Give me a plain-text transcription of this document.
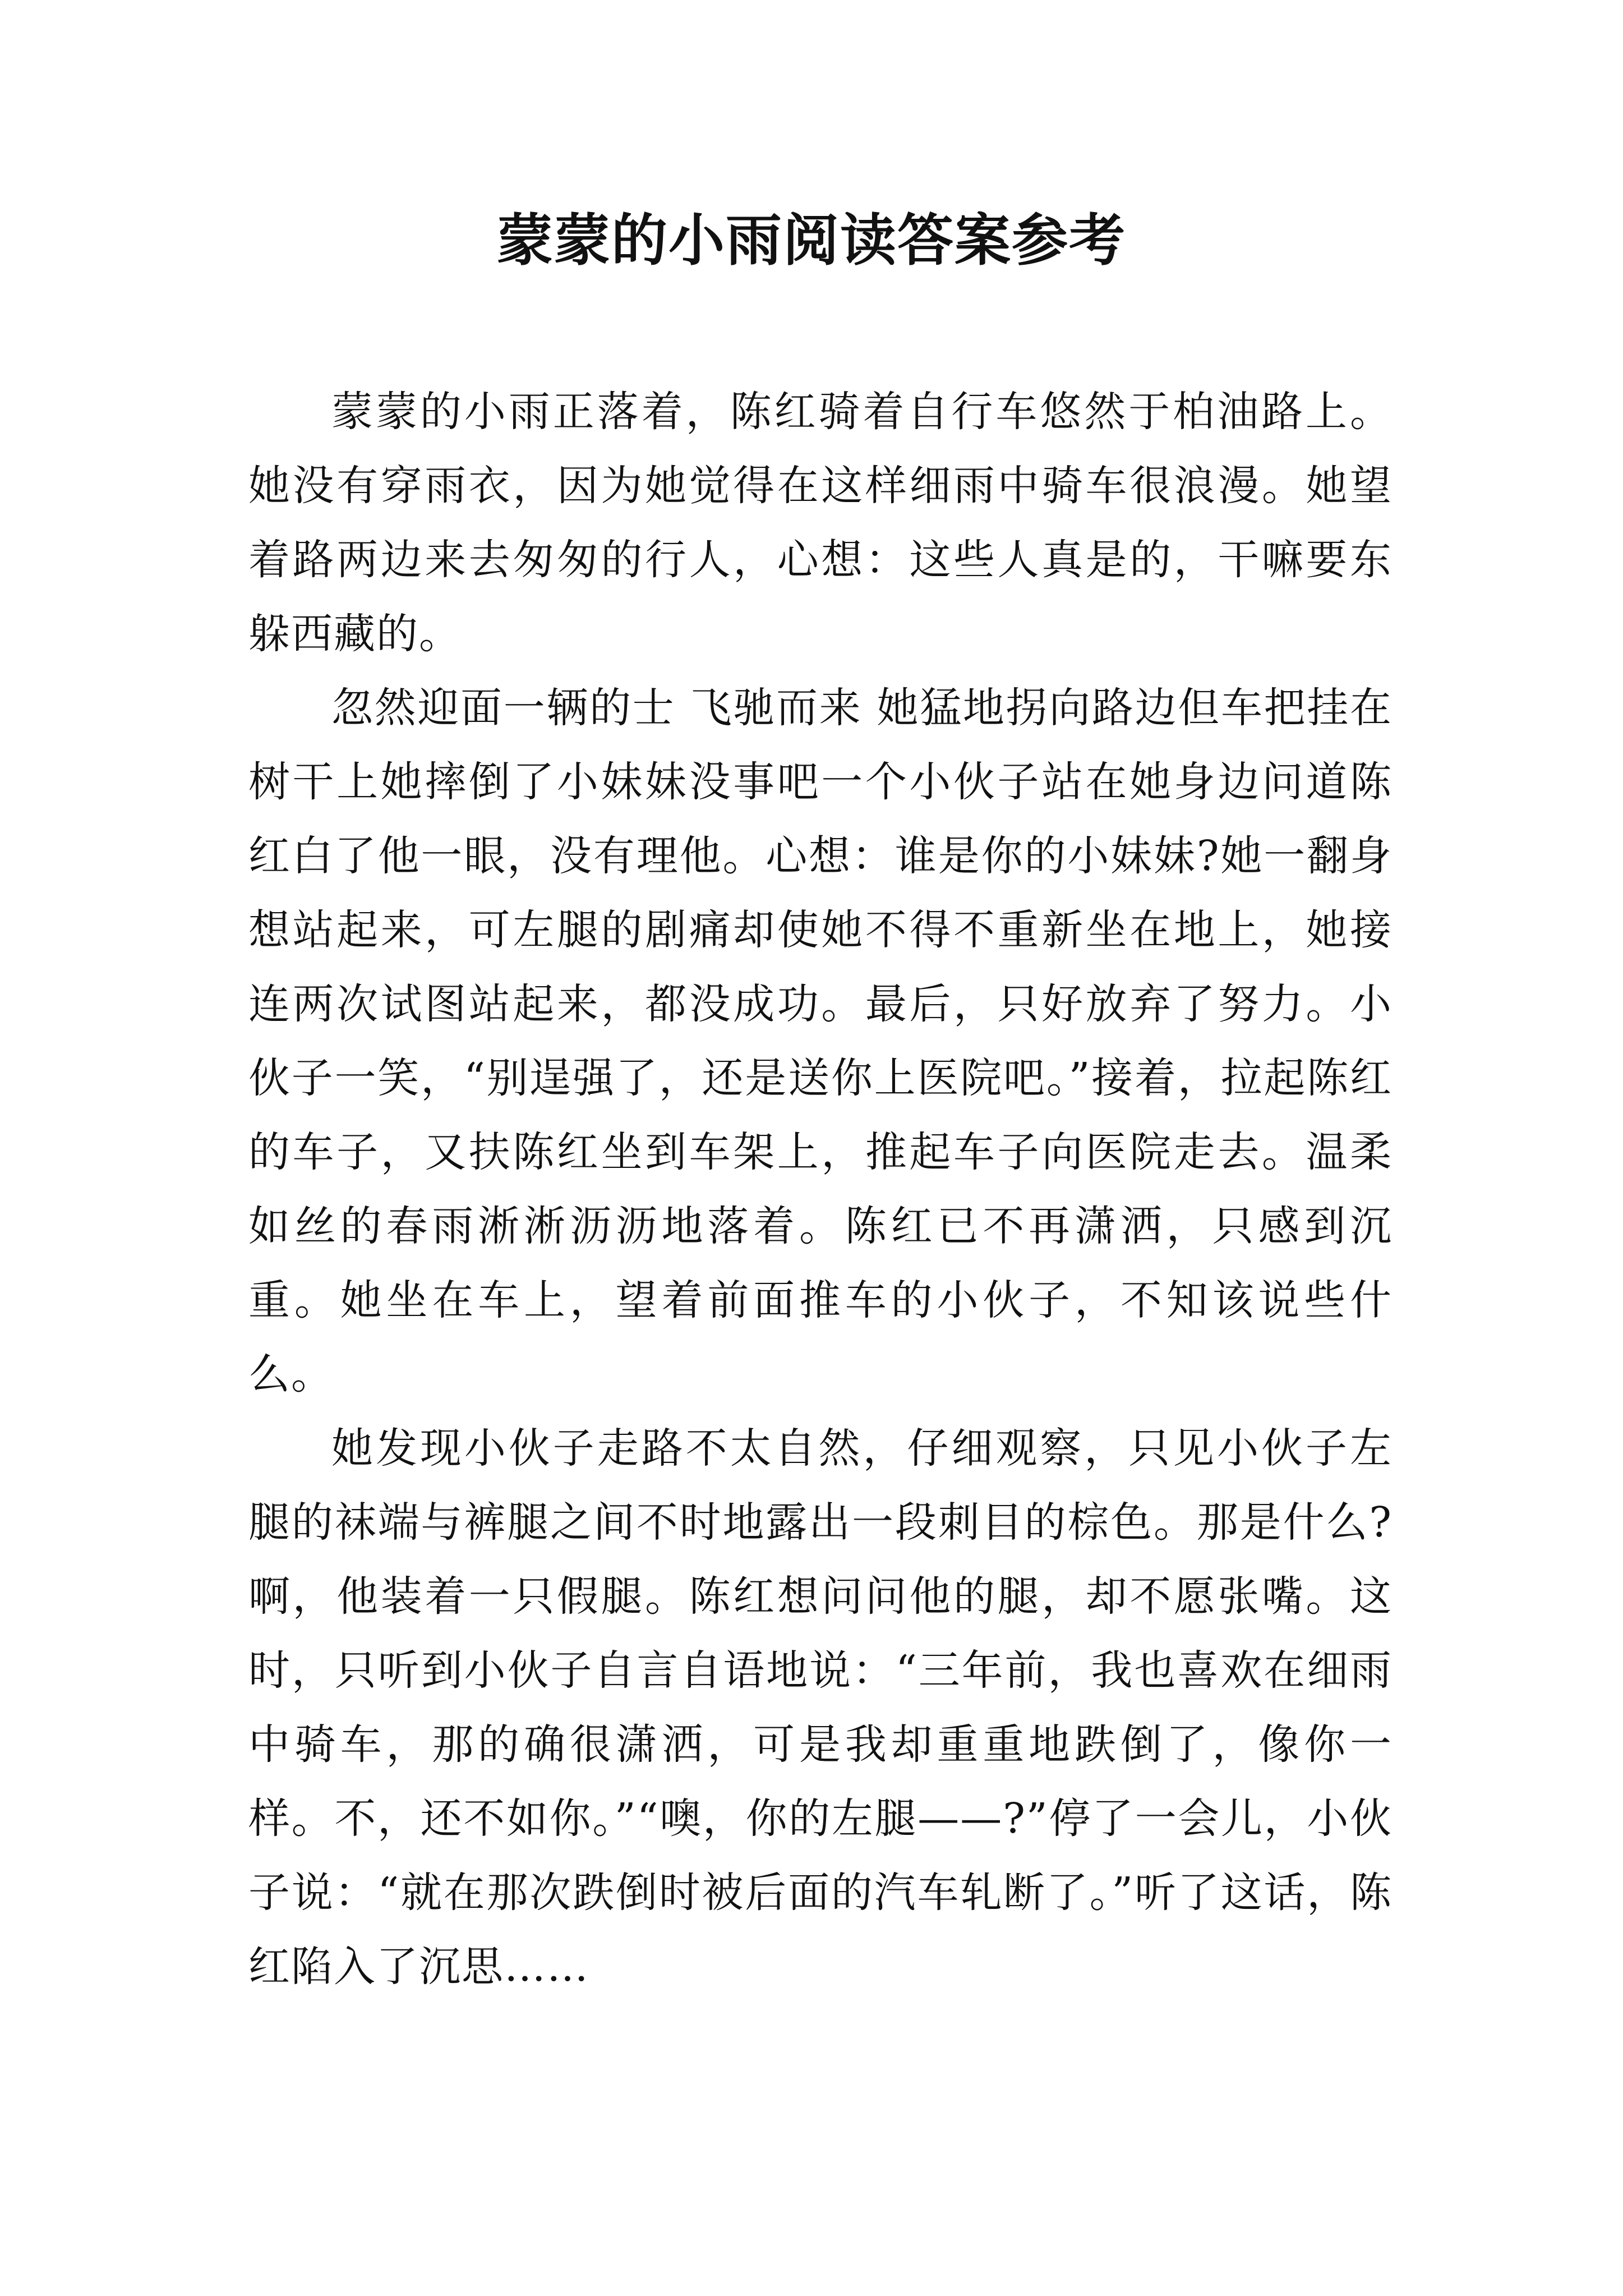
蒙蒙的小雨阅读答案参考

蒙蒙的小雨正落着，陈红骑着自行车悠然于柏油路上。她没有穿雨衣，因为她觉得在这样细雨中骑车很浪漫。她望着路两边来去匆匆的行人，心想：这些人真是的，干嘛要东躲西藏的。

忽然迎面一辆的士 飞驰而来 她猛地拐向路边但车把挂在树干上她摔倒了小妹妹没事吧一个小伙子站在她身边问道陈红白了他一眼，没有理他。心想：谁是你的小妹妹?她一翻身想站起来，可左腿的剧痛却使她不得不重新坐在地上，她接连两次试图站起来，都没成功。最后，只好放弃了努力。小伙子一笑，“别逞强了，还是送你上医院吧。”接着，拉起陈红的车子，又扶陈红坐到车架上，推起车子向医院走去。温柔如丝的春雨淅淅沥沥地落着。陈红已不再潇洒，只感到沉重。她坐在车上，望着前面推车的小伙子，不知该说些什么。

她发现小伙子走路不太自然，仔细观察，只见小伙子左腿的袜端与裤腿之间不时地露出一段刺目的棕色。那是什么?啊，他装着一只假腿。陈红想问问他的腿，却不愿张嘴。这时，只听到小伙子自言自语地说：“三年前，我也喜欢在细雨中骑车，那的确很潇洒，可是我却重重地跌倒了，像你一样。不，还不如你。”“噢，你的左腿——?”停了一会儿，小伙子说：“就在那次跌倒时被后面的汽车轧断了。”听了这话，陈红陷入了沉思……
